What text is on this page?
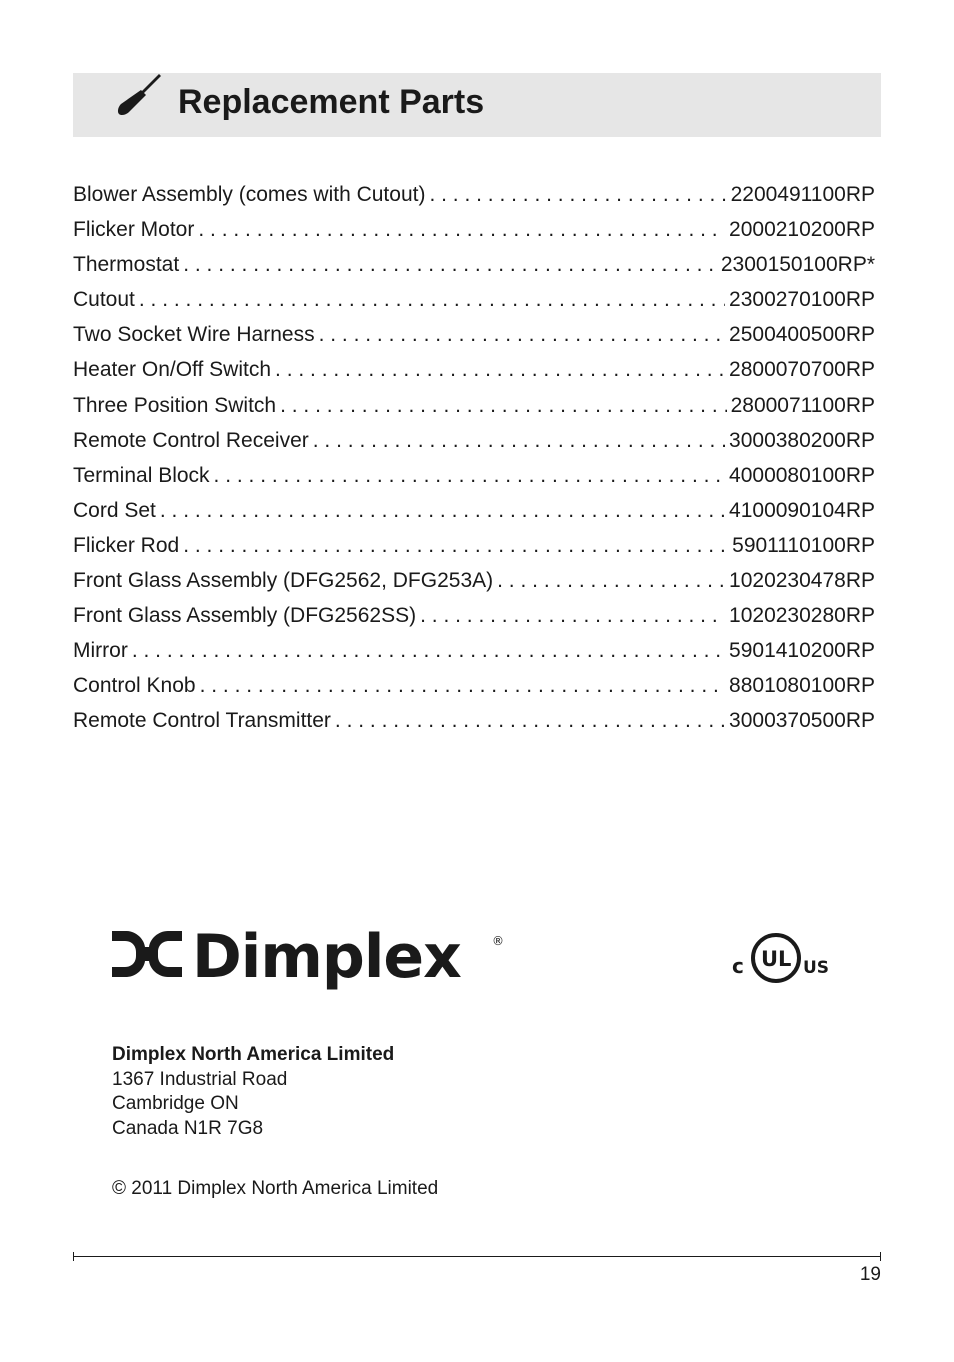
Replacement Parts
Blower Assembly (comes with Cutout) . . .	2200491100RP
Flicker Motor . . .	2000210200RP
Thermostat . . .	2300150100RP*
Cutout . . .	2300270100RP
Two Socket Wire Harness . . .	2500400500RP
Heater On/Off Switch . . .	2800070700RP
Three Position Switch . . .	2800071100RP
Remote Control Receiver . . .	3000380200RP
Terminal Block . . .	4000080100RP
Cord Set . . .	4100090104RP
Flicker Rod . . .	5901110100RP
Front Glass Assembly (DFG2562, DFG253A) . . .	1020230478RP
Front Glass Assembly (DFG2562SS) . . .	1020230280RP
Mirror . . .	5901410200RP
Control Knob . . .	8801080100RP
Remote Control Transmitter . . .	3000370500RP
Dimplex	®
c UL US
Dimplex North America Limited
1367 Industrial Road
Cambridge ON
Canada N1R 7G8
© 2011 Dimplex North America Limited
19
